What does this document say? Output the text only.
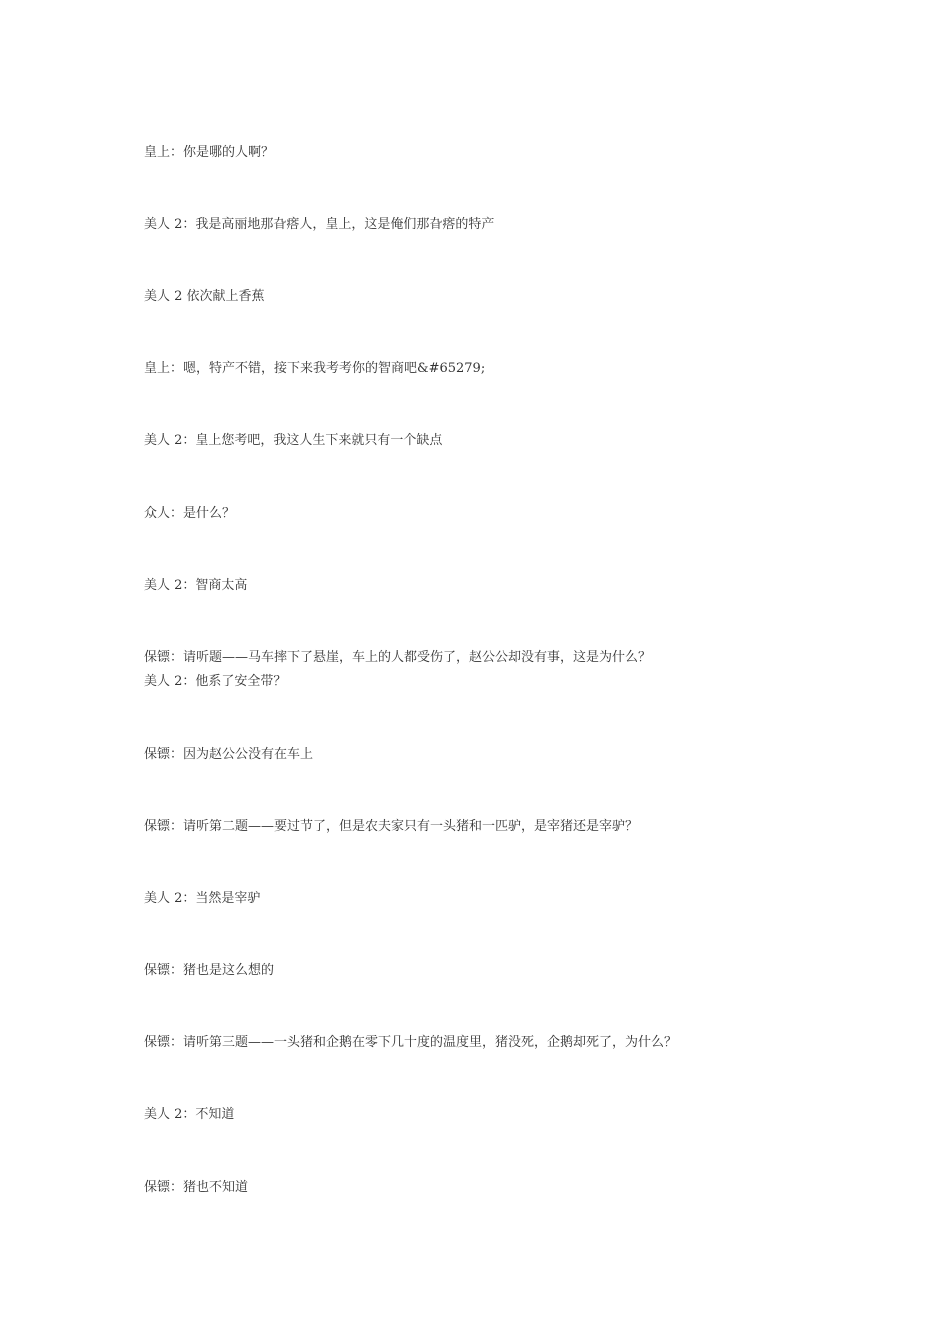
皇上：你是哪的人啊？

美人 2：我是高丽地那旮瘩人，皇上，这是俺们那旮瘩的特产

美人 2 依次献上香蕉

皇上：嗯，特产不错，接下来我考考你的智商吧&#65279;

美人 2：皇上您考吧，我这人生下来就只有一个缺点

众人：是什么？

美人 2：智商太高

保镖：请听题——马车摔下了悬崖，车上的人都受伤了，赵公公却没有事，这是为什么？

美人 2：他系了安全带？

保镖：因为赵公公没有在车上

保镖：请听第二题——要过节了，但是农夫家只有一头猪和一匹驴，是宰猪还是宰驴？

美人 2：当然是宰驴

保镖：猪也是这么想的

保镖：请听第三题——一头猪和企鹅在零下几十度的温度里，猪没死，企鹅却死了，为什么？

美人 2：不知道

保镖：猪也不知道
